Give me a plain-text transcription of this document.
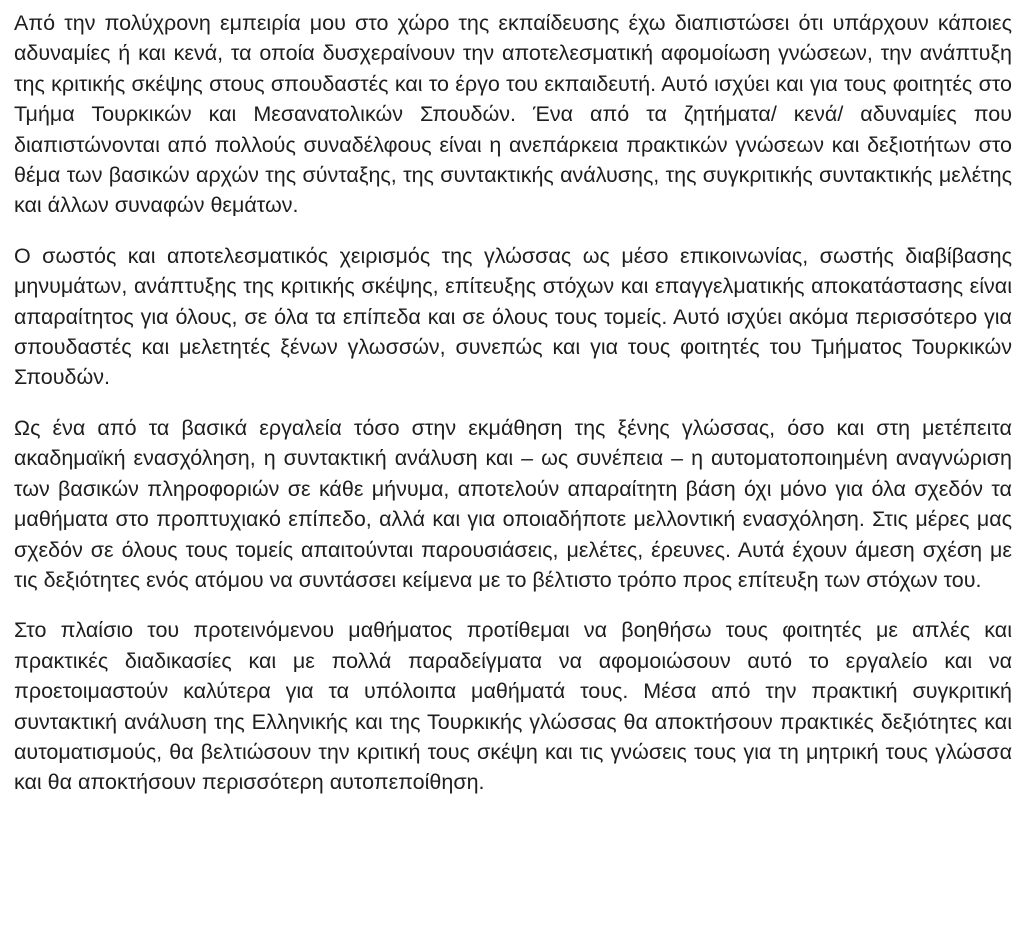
Από την πολύχρονη εμπειρία μου στο χώρο της εκπαίδευσης έχω διαπιστώσει ότι υπάρχουν κάποιες αδυναμίες ή και κενά, τα οποία δυσχεραίνουν την αποτελεσματική αφομοίωση γνώσεων, την ανάπτυξη της κριτικής σκέψης στους σπουδαστές και το έργο του εκπαιδευτή. Αυτό ισχύει και για τους φοιτητές στο Τμήμα Τουρκικών και Μεσανατολικών Σπουδών. Ένα από τα ζητήματα/ κενά/ αδυναμίες που διαπιστώνονται από πολλούς συναδέλφους είναι η ανεπάρκεια πρακτικών γνώσεων και δεξιοτήτων στο θέμα των βασικών αρχών της σύνταξης, της συντακτικής ανάλυσης, της συγκριτικής συντακτικής μελέτης και άλλων συναφών θεμάτων.

Ο σωστός και αποτελεσματικός χειρισμός της γλώσσας ως μέσο επικοινωνίας, σωστής διαβίβασης μηνυμάτων, ανάπτυξης της κριτικής σκέψης, επίτευξης στόχων και επαγγελματικής αποκατάστασης είναι απαραίτητος για όλους, σε όλα τα επίπεδα και σε όλους τους τομείς. Αυτό ισχύει ακόμα περισσότερο για σπουδαστές και μελετητές ξένων γλωσσών, συνεπώς και για τους φοιτητές του Τμήματος Τουρκικών Σπουδών.

Ως ένα από τα βασικά εργαλεία τόσο στην εκμάθηση της ξένης γλώσσας, όσο και στη μετέπειτα ακαδημαϊκή ενασχόληση, η συντακτική ανάλυση και – ως συνέπεια – η αυτοματοποιημένη αναγνώριση των βασικών πληροφοριών σε κάθε μήνυμα, αποτελούν απαραίτητη βάση όχι μόνο για όλα σχεδόν τα μαθήματα στο προπτυχιακό επίπεδο, αλλά και για οποιαδήποτε μελλοντική ενασχόληση. Στις μέρες μας σχεδόν σε όλους τους τομείς απαιτούνται παρουσιάσεις, μελέτες, έρευνες. Αυτά έχουν άμεση σχέση με τις δεξιότητες ενός ατόμου να συντάσσει κείμενα με το βέλτιστο τρόπο προς επίτευξη των στόχων του.

Στο πλαίσιο του προτεινόμενου μαθήματος προτίθεμαι να βοηθήσω τους φοιτητές με απλές και πρακτικές διαδικασίες και με πολλά παραδείγματα να αφομοιώσουν αυτό το εργαλείο και να προετοιμαστούν καλύτερα για τα υπόλοιπα μαθήματά τους. Μέσα από την πρακτική συγκριτική συντακτική ανάλυση της Ελληνικής και της Τουρκικής γλώσσας θα αποκτήσουν πρακτικές δεξιότητες και αυτοματισμούς, θα βελτιώσουν την κριτική τους σκέψη και τις γνώσεις τους για τη μητρική τους γλώσσα και θα αποκτήσουν περισσότερη αυτοπεποίθηση.
